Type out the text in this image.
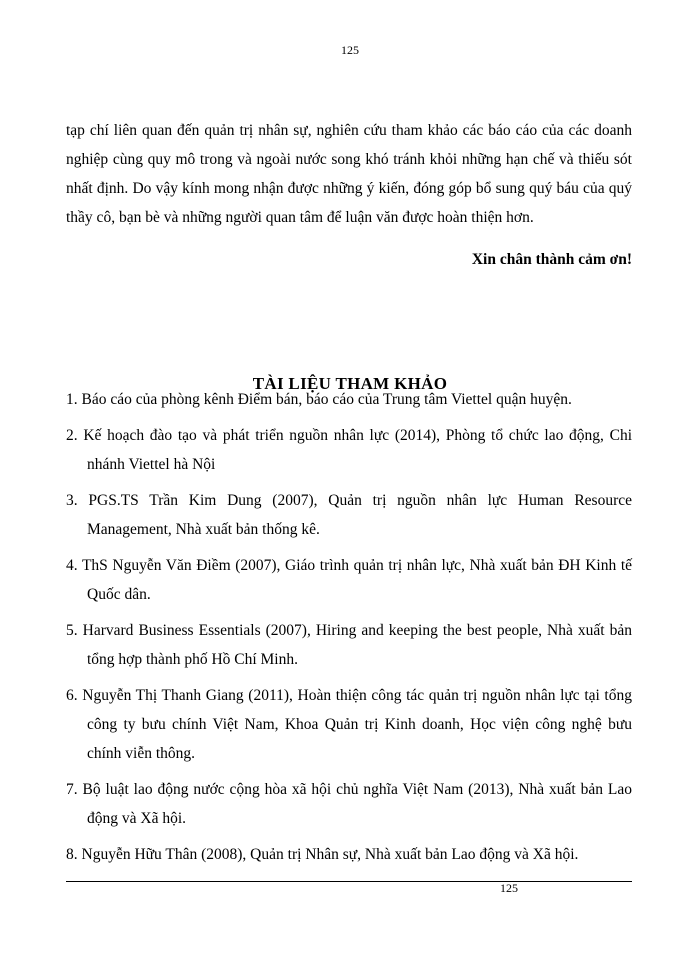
125

tạp chí liên quan đến quản trị nhân sự, nghiên cứu tham khảo các báo cáo của các doanh nghiệp cùng quy mô trong và ngoài nước song khó tránh khỏi những hạn chế và thiếu sót nhất định. Do vậy kính mong nhận được những ý kiến, đóng góp bổ sung quý báu của quý thầy cô, bạn bè và những người quan tâm để luận văn được hoàn thiện hơn.

Xin chân thành cảm ơn!
TÀI LIỆU THAM KHẢO
1. Báo cáo của phòng kênh Điểm bán, báo cáo của Trung tâm Viettel quận huyện.
2. Kế hoạch đào tạo và phát triển nguồn nhân lực (2014), Phòng tổ chức lao động, Chi nhánh Viettel hà Nội
3. PGS.TS Trần Kim Dung (2007), Quản trị nguồn nhân lực Human Resource Management, Nhà xuất bản thống kê.
4. ThS Nguyễn Văn Điềm (2007), Giáo trình quản trị nhân lực, Nhà xuất bản ĐH Kinh tế Quốc dân.
5. Harvard Business Essentials (2007), Hiring and keeping the best people, Nhà xuất bản tổng hợp thành phố Hồ Chí Minh.
6. Nguyễn Thị Thanh Giang (2011), Hoàn thiện công tác quản trị nguồn nhân lực tại tổng công ty bưu chính Việt Nam, Khoa Quản trị Kinh doanh, Học viện công nghệ bưu chính viễn thông.
7. Bộ luật lao động nước cộng hòa xã hội chủ nghĩa Việt Nam (2013), Nhà xuất bản Lao động và Xã hội.
8. Nguyễn Hữu Thân (2008), Quản trị Nhân sự, Nhà xuất bản Lao động và Xã hội.
125
